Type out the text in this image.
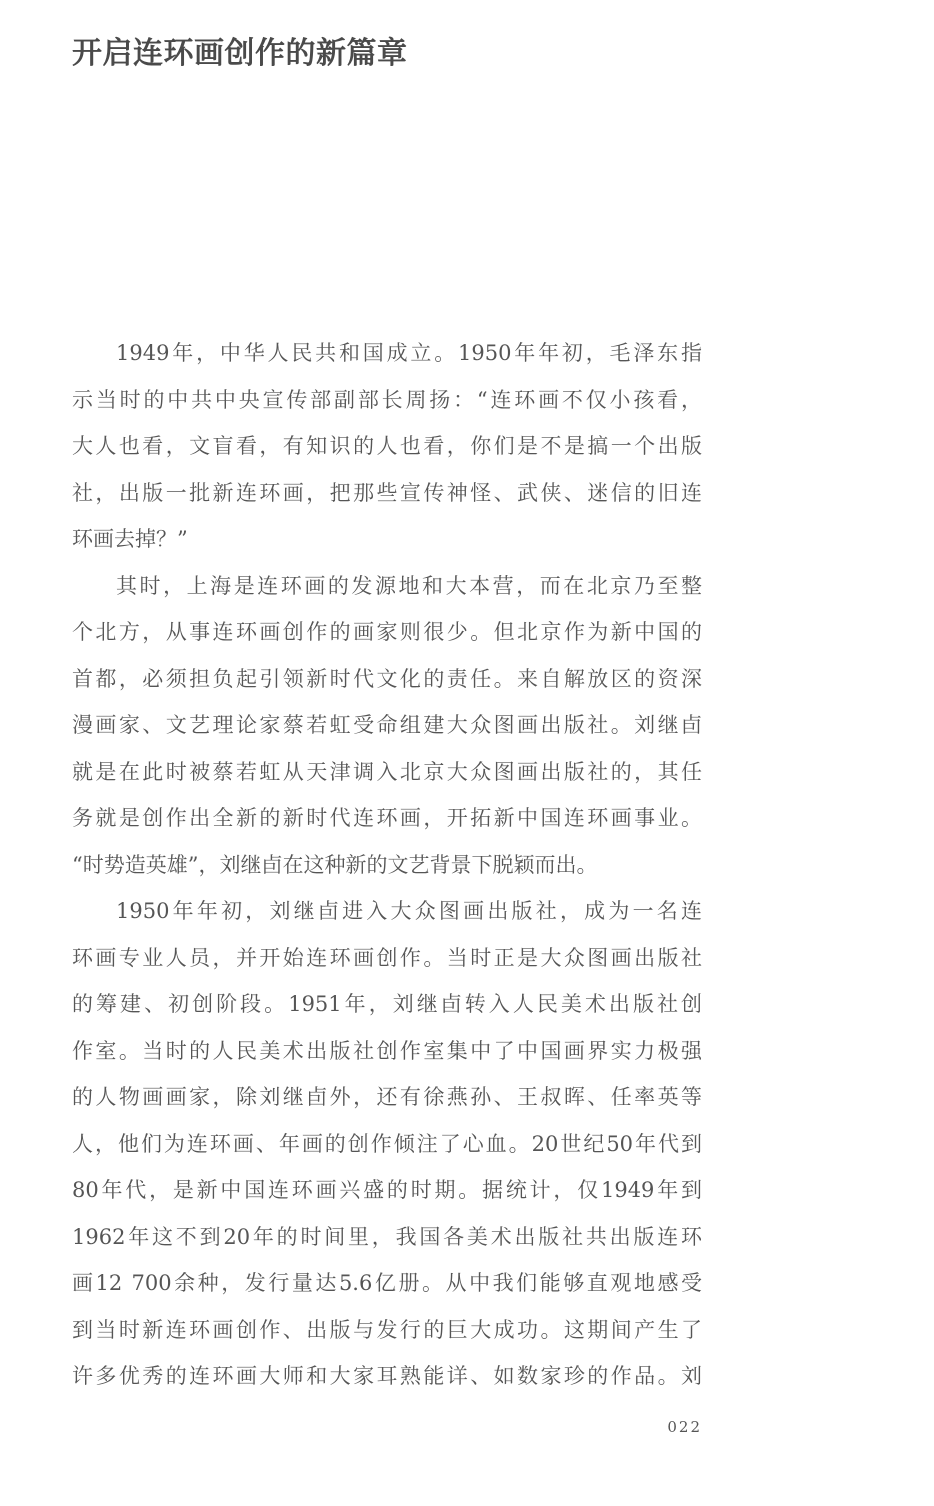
开启连环画创作的新篇章
1949年，中华人民共和国成立。1950年年初，毛泽东指
示当时的中共中央宣传部副部长周扬：“连环画不仅小孩看，
大人也看，文盲看，有知识的人也看，你们是不是搞一个出版
社，出版一批新连环画，把那些宣传神怪、武侠、迷信的旧连
环画去掉？”
其时，上海是连环画的发源地和大本营，而在北京乃至整
个北方，从事连环画创作的画家则很少。但北京作为新中国的
首都，必须担负起引领新时代文化的责任。来自解放区的资深
漫画家、文艺理论家蔡若虹受命组建大众图画出版社。刘继卣
就是在此时被蔡若虹从天津调入北京大众图画出版社的，其任
务就是创作出全新的新时代连环画，开拓新中国连环画事业。
“时势造英雄”，刘继卣在这种新的文艺背景下脱颖而出。
1950年年初，刘继卣进入大众图画出版社，成为一名连
环画专业人员，并开始连环画创作。当时正是大众图画出版社
的筹建、初创阶段。1951年，刘继卣转入人民美术出版社创
作室。当时的人民美术出版社创作室集中了中国画界实力极强
的人物画画家，除刘继卣外，还有徐燕孙、王叔晖、任率英等
人，他们为连环画、年画的创作倾注了心血。20世纪50年代到
80年代，是新中国连环画兴盛的时期。据统计，仅1949年到
1962年这不到20年的时间里，我国各美术出版社共出版连环
画12 700余种，发行量达5.6亿册。从中我们能够直观地感受
到当时新连环画创作、出版与发行的巨大成功。这期间产生了
许多优秀的连环画大师和大家耳熟能详、如数家珍的作品。刘
022
